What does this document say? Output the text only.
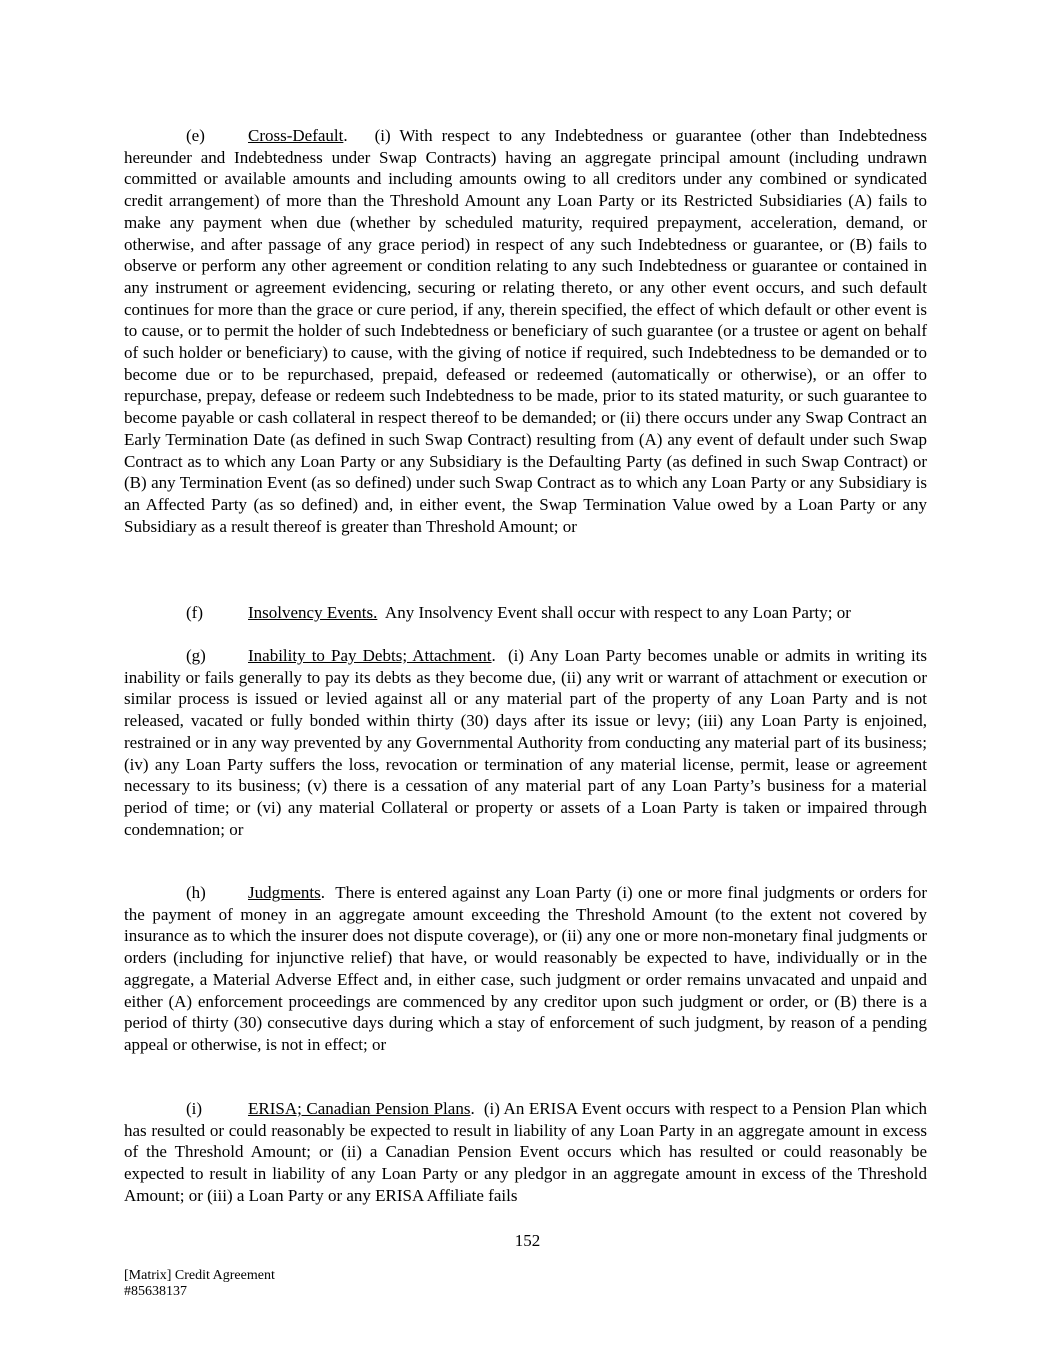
(e)	Cross-Default. (i) With respect to any Indebtedness or guarantee (other than Indebtedness hereunder and Indebtedness under Swap Contracts) having an aggregate principal amount (including undrawn committed or available amounts and including amounts owing to all creditors under any combined or syndicated credit arrangement) of more than the Threshold Amount any Loan Party or its Restricted Subsidiaries (A) fails to make any payment when due (whether by scheduled maturity, required prepayment, acceleration, demand, or otherwise, and after passage of any grace period) in respect of any such Indebtedness or guarantee, or (B) fails to observe or perform any other agreement or condition relating to any such Indebtedness or guarantee or contained in any instrument or agreement evidencing, securing or relating thereto, or any other event occurs, and such default continues for more than the grace or cure period, if any, therein specified, the effect of which default or other event is to cause, or to permit the holder of such Indebtedness or beneficiary of such guarantee (or a trustee or agent on behalf of such holder or beneficiary) to cause, with the giving of notice if required, such Indebtedness to be demanded or to become due or to be repurchased, prepaid, defeased or redeemed (automatically or otherwise), or an offer to repurchase, prepay, defease or redeem such Indebtedness to be made, prior to its stated maturity, or such guarantee to become payable or cash collateral in respect thereof to be demanded; or (ii) there occurs under any Swap Contract an Early Termination Date (as defined in such Swap Contract) resulting from (A) any event of default under such Swap Contract as to which any Loan Party or any Subsidiary is the Defaulting Party (as defined in such Swap Contract) or (B) any Termination Event (as so defined) under such Swap Contract as to which any Loan Party or any Subsidiary is an Affected Party (as so defined) and, in either event, the Swap Termination Value owed by a Loan Party or any Subsidiary as a result thereof is greater than Threshold Amount; or

(f)	Insolvency Events. Any Insolvency Event shall occur with respect to any Loan Party; or

(g) Inability to Pay Debts; Attachment. (i) Any Loan Party becomes unable or admits in writing its inability or fails generally to pay its debts as they become due, (ii) any writ or warrant of attachment or execution or similar process is issued or levied against all or any material part of the property of any Loan Party and is not released, vacated or fully bonded within thirty (30) days after its issue or levy; (iii) any Loan Party is enjoined, restrained or in any way prevented by any Governmental Authority from conducting any material part of its business; (iv) any Loan Party suffers the loss, revocation or termination of any material license, permit, lease or agreement necessary to its business; (v) there is a cessation of any material part of any Loan Party’s business for a material period of time; or (vi) any material Collateral or property or assets of a Loan Party is taken or impaired through condemnation; or

(h) Judgments. There is entered against any Loan Party (i) one or more final judgments or orders for the payment of money in an aggregate amount exceeding the Threshold Amount (to the extent not covered by insurance as to which the insurer does not dispute coverage), or (ii) any one or more non-monetary final judgments or orders (including for injunctive relief) that have, or would reasonably be expected to have, individually or in the aggregate, a Material Adverse Effect and, in either case, such judgment or order remains unvacated and unpaid and either (A) enforcement proceedings are commenced by any creditor upon such judgment or order, or (B) there is a period of thirty (30) consecutive days during which a stay of enforcement of such judgment, by reason of a pending appeal or otherwise, is not in effect; or

(i)	ERISA; Canadian Pension Plans. (i) An ERISA Event occurs with respect to a Pension Plan which has resulted or could reasonably be expected to result in liability of any Loan Party in an aggregate amount in excess of the Threshold Amount; or (ii) a Canadian Pension Event occurs which has resulted or could reasonably be expected to result in liability of any Loan Party or any pledgor in an aggregate amount in excess of the Threshold Amount; or (iii) a Loan Party or any ERISA Affiliate fails

152
[Matrix] Credit Agreement
#85638137
